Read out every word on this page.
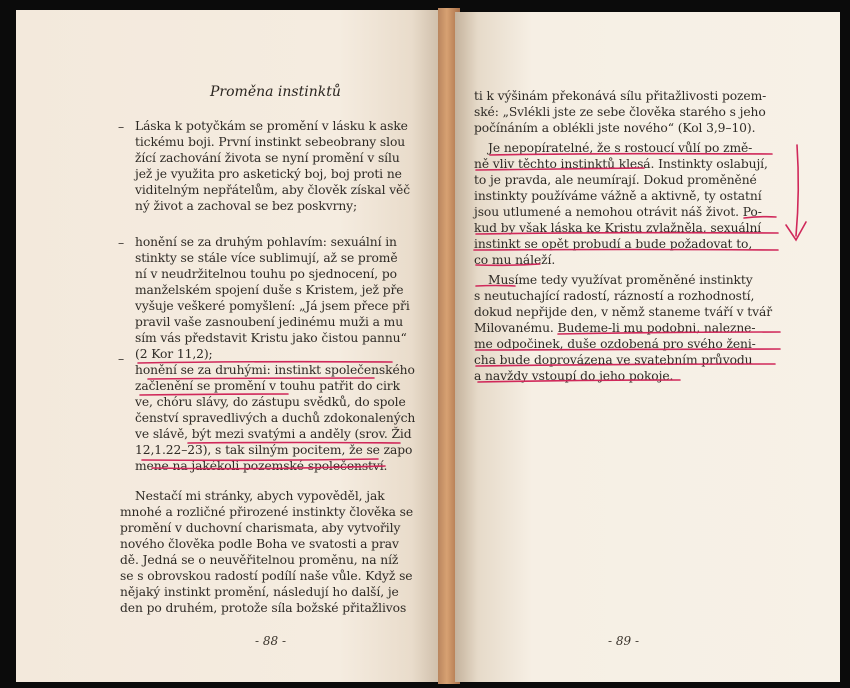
Proměna instinktů
–
–
–
Láska k potyčkám se promění v lásku k aske
tickému boji. První instinkt sebeobrany slou
žící zachování života se nyní promění v sílu
jež je využita pro asketický boj, boj proti ne
viditelným nepřátelům, aby člověk získal věč
ný život a zachoval se bez poskvrny;
honění se za druhým pohlavím: sexuální in
stinkty se stále více sublimují, až se promě
ní v neudržitelnou touhu po sjednocení, po
manželském spojení duše s Kristem, jež pře
vyšuje veškeré pomyšlení: „Já jsem přece při
pravil vaše zasnoubení jedinému muži a mu
sím vás představit Kristu jako čistou pannu“
(2 Kor 11,2);
honění se za druhými: instinkt společenského
začlenění se promění v touhu patřit do cirk
ve, chóru slávy, do zástupu svědků, do spole
čenství spravedlivých a duchů zdokonalených
ve slávě, být mezi svatými a anděly (srov. Žid
12,1.22–23), s tak silným pocitem, že se zapo
mene na jakékoli pozemské společenství.
Nestačí mi stránky, abych vypověděl, jak
mnohé a rozličné přirozené instinkty člověka se
promění v duchovní charismata, aby vytvořily
nového člověka podle Boha ve svatosti a prav
dě. Jedná se o neuvěřitelnou proměnu, na níž
se s obrovskou radostí podílí naše vůle. Když se
nějaký instinkt promění, následují ho další, je
den po druhém, protože síla božské přitažlivos
- 88 -
ti k výšinám překonává sílu přitažlivosti pozem-
ské: „Svlékli jste ze sebe člověka starého s jeho
počínáním a oblékli jste nového“ (Kol 3,9–10).
Je nepopíratelné, že s rostoucí vůlí po změ-
ně vliv těchto instinktů klesá. Instinkty oslabují,
to je pravda, ale neumírají. Dokud proměněné
instinkty používáme vážně a aktivně, ty ostatní
jsou utlumené a nemohou otrávit náš život. Po-
kud by však láska ke Kristu zvlažněla, sexuální
instinkt se opět probudí a bude požadovat to,
co mu náleží.
Musíme tedy využívat proměněné instinkty
s neutuchající radostí, rázností a rozhodností,
dokud nepřijde den, v němž staneme tváří v tvář
Milovanému. Budeme-li mu podobni, nalezne-
me odpočinek, duše ozdobená pro svého ženi-
cha bude doprovázena ve svatebním průvodu
a navždy vstoupí do jeho pokoje.
- 89 -
